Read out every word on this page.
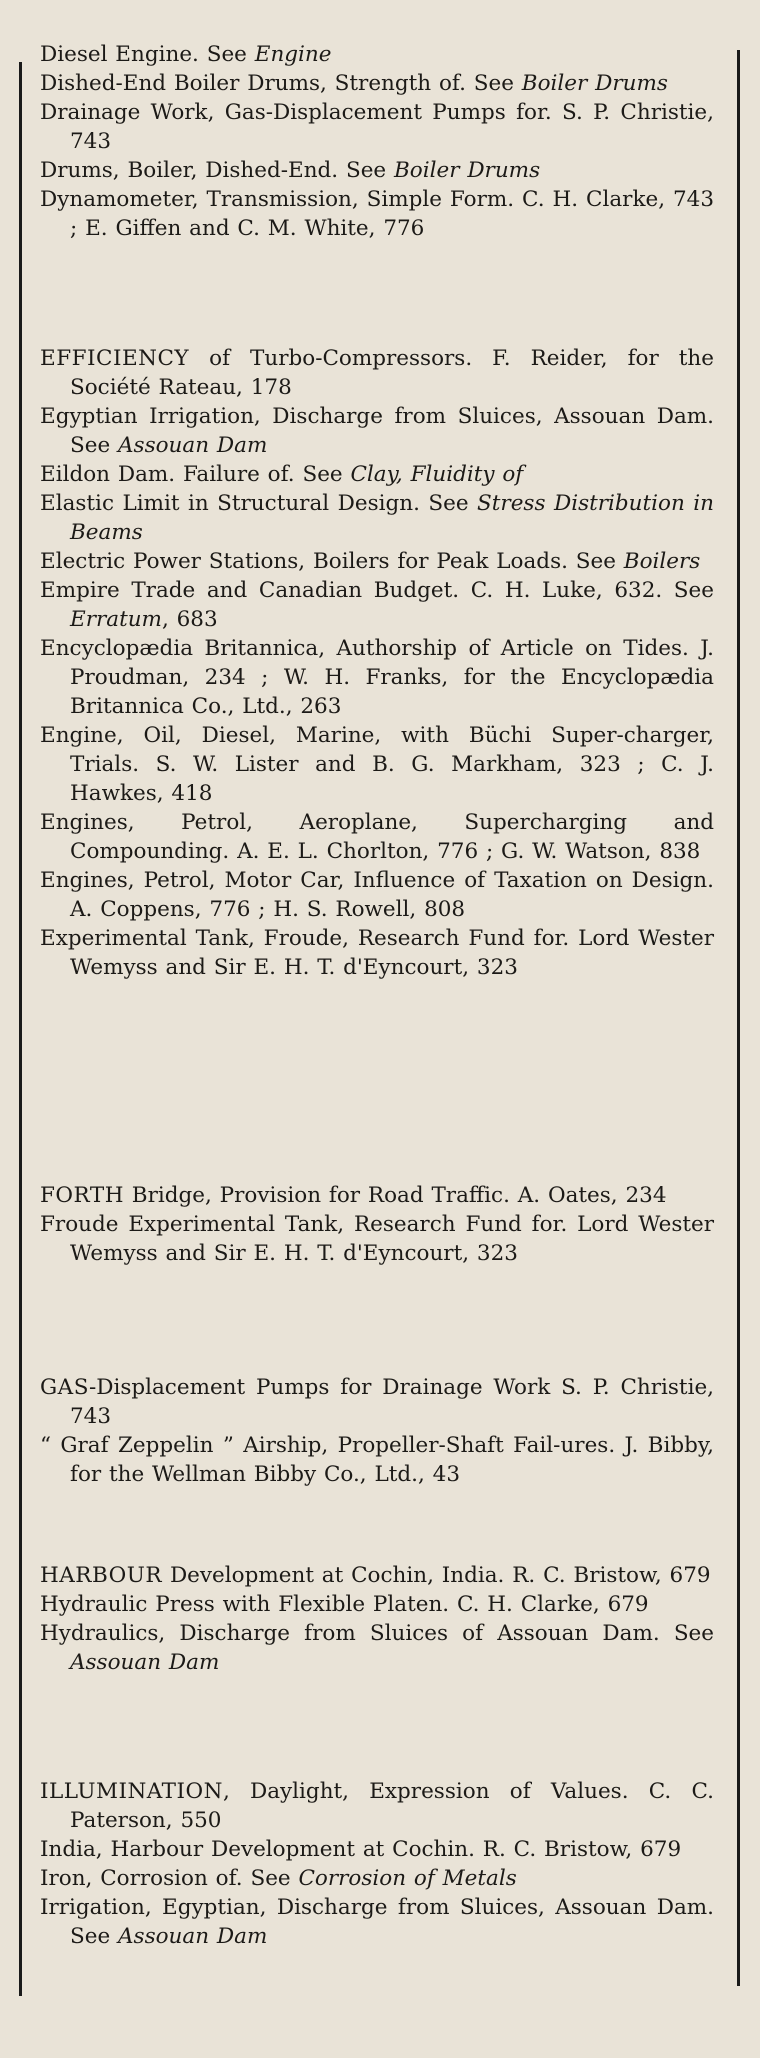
Diesel Engine. See Engine

Dished-End Boiler Drums, Strength of. See Boiler Drums

Drainage Work, Gas-Displacement Pumps for. S. P. Christie, 743

Drums, Boiler, Dished-End. See Boiler Drums

Dynamometer, Transmission, Simple Form. C. H. Clarke, 743 ; E. Giffen and C. M. White, 776

EFFICIENCY of Turbo-Compressors. F. Reider, for the Société Rateau, 178

Egyptian Irrigation, Discharge from Sluices, Assouan Dam. See Assouan Dam

Eildon Dam. Failure of. See Clay, Fluidity of

Elastic Limit in Structural Design. See Stress Distribution in Beams

Electric Power Stations, Boilers for Peak Loads. See Boilers

Empire Trade and Canadian Budget. C. H. Luke, 632. See Erratum, 683

Encyclopædia Britannica, Authorship of Article on Tides. J. Proudman, 234 ; W. H. Franks, for the Encyclopædia Britannica Co., Ltd., 263

Engine, Oil, Diesel, Marine, with Büchi Super-charger, Trials. S. W. Lister and B. G. Markham, 323 ; C. J. Hawkes, 418

Engines, Petrol, Aeroplane, Supercharging and Compounding. A. E. L. Chorlton, 776 ; G. W. Watson, 838

Engines, Petrol, Motor Car, Influence of Taxation on Design. A. Coppens, 776 ; H. S. Rowell, 808

Experimental Tank, Froude, Research Fund for. Lord Wester Wemyss and Sir E. H. T. d'Eyncourt, 323

FORTH Bridge, Provision for Road Traffic. A. Oates, 234

Froude Experimental Tank, Research Fund for. Lord Wester Wemyss and Sir E. H. T. d'Eyncourt, 323

GAS-Displacement Pumps for Drainage Work S. P. Christie, 743

“ Graf Zeppelin ” Airship, Propeller-Shaft Fail-ures. J. Bibby, for the Wellman Bibby Co., Ltd., 43

HARBOUR Development at Cochin, India. R. C. Bristow, 679

Hydraulic Press with Flexible Platen. C. H. Clarke, 679

Hydraulics, Discharge from Sluices of Assouan Dam. See Assouan Dam

ILLUMINATION, Daylight, Expression of Values. C. C. Paterson, 550

India, Harbour Development at Cochin. R. C. Bristow, 679

Iron, Corrosion of. See Corrosion of Metals

Irrigation, Egyptian, Discharge from Sluices, Assouan Dam. See Assouan Dam
